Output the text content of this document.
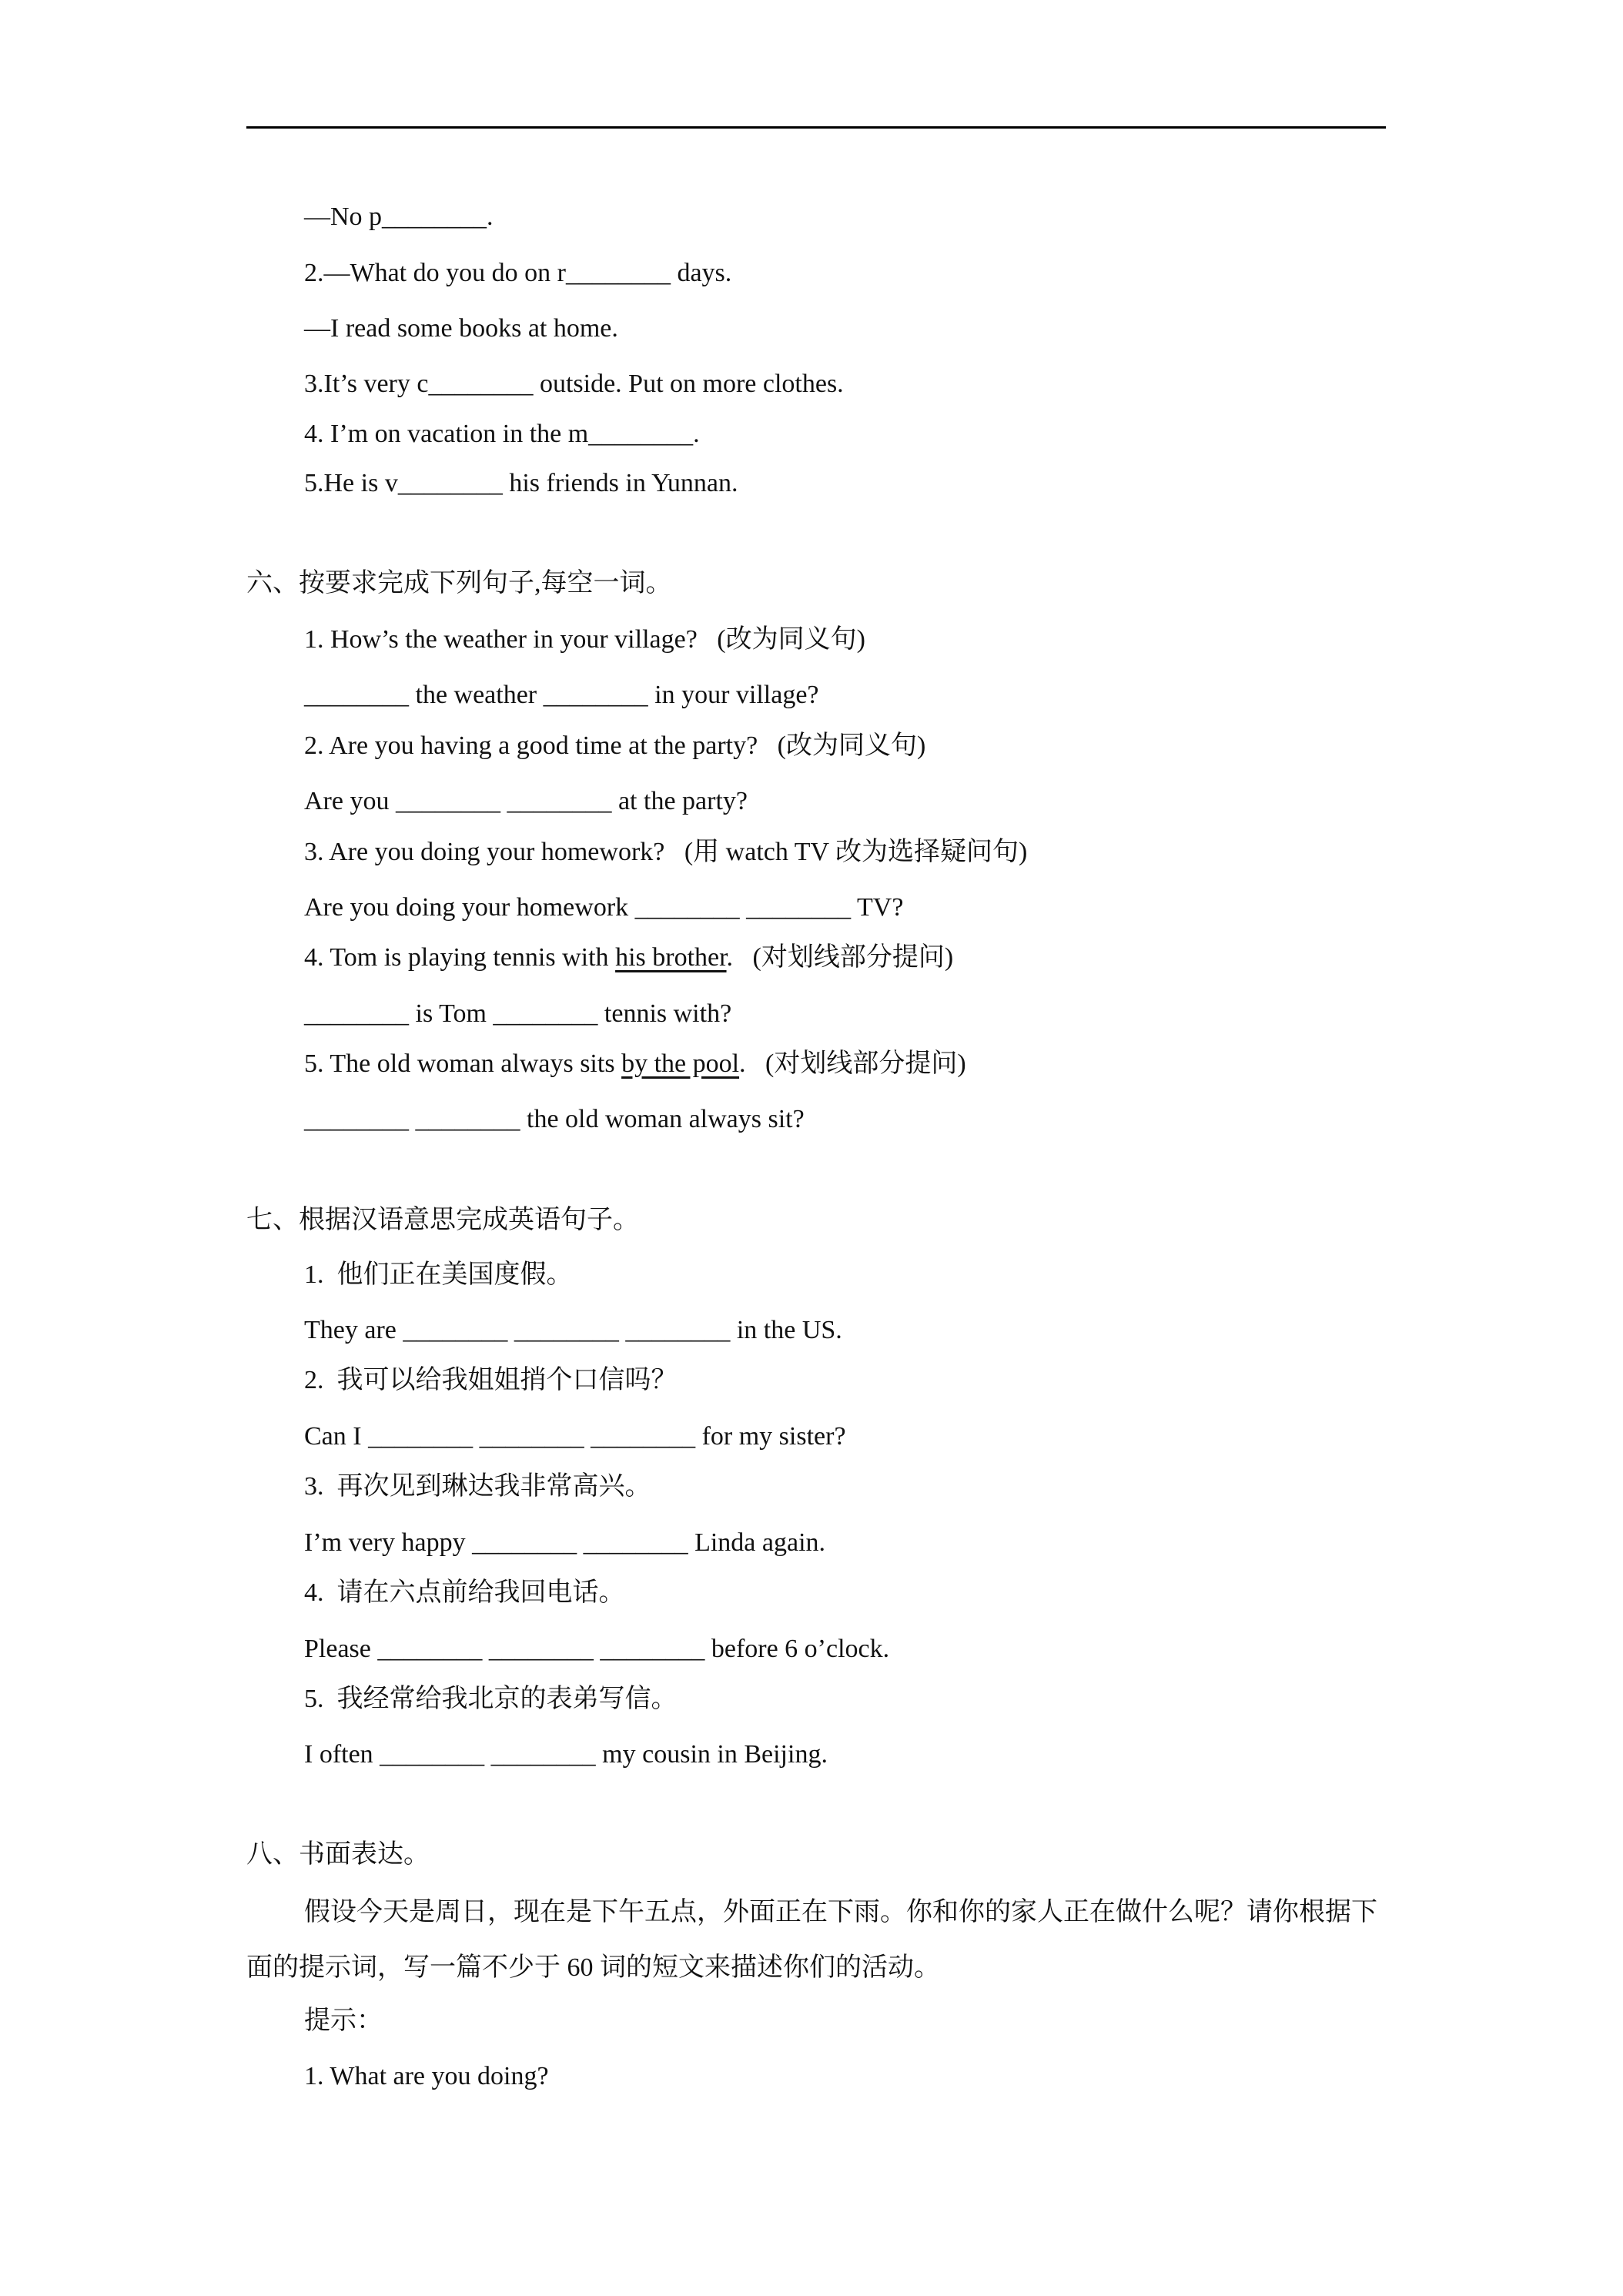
—No p________.
2.—What do you do on r________ days.
—I read some books at home.
3.It’s very c________ outside. Put on more clothes.
4. I’m on vacation in the m________.
5.He is v________ his friends in Yunnan.
六、按要求完成下列句子,每空一词。
1. How’s the weather in your village?   (改为同义句)
________ the weather ________ in your village?
2. Are you having a good time at the party?   (改为同义句)
Are you ________ ________ at the party?
3. Are you doing your homework?   (用 watch TV 改为选择疑问句)
Are you doing your homework ________ ________ TV?
4. Tom is playing tennis with his brother.   (对划线部分提问)
________ is Tom ________ tennis with?
5. The old woman always sits by the pool.   (对划线部分提问)
________ ________ the old woman always sit?
七、根据汉语意思完成英语句子。
1.  他们正在美国度假。
They are ________ ________ ________ in the US.
2.  我可以给我姐姐捎个口信吗？
Can I ________ ________ ________ for my sister?
3.  再次见到琳达我非常高兴。
I’m very happy ________ ________ Linda again.
4.  请在六点前给我回电话。
Please ________ ________ ________ before 6 o’clock.
5.  我经常给我北京的表弟写信。
I often ________ ________ my cousin in Beijing.
八、书面表达。
假设今天是周日，现在是下午五点，外面正在下雨。你和你的家人正在做什么呢？请你根据下面的提示词，写一篇不少于 60 词的短文来描述你们的活动。
提示：
1. What are you doing?
